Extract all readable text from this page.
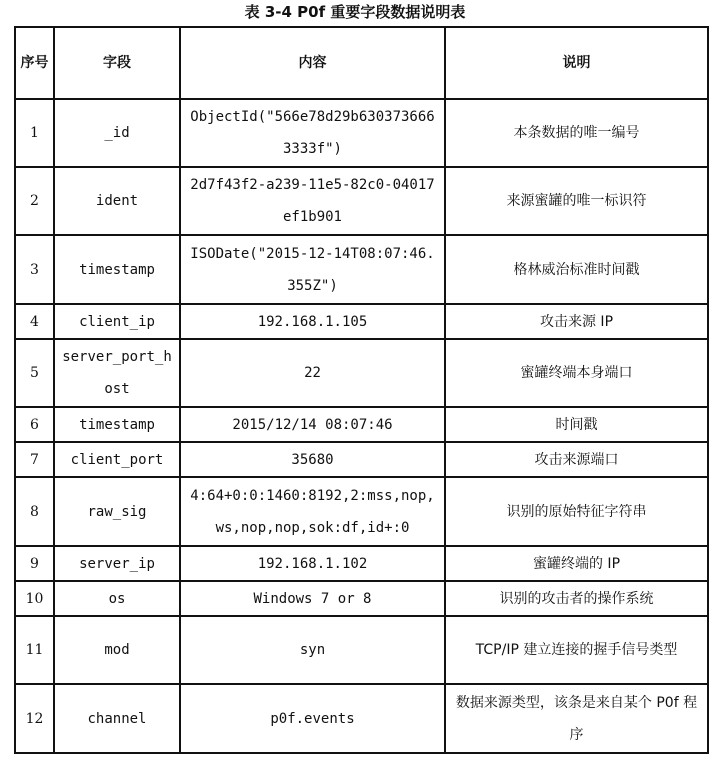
表 3-4 P0f 重要字段数据说明表
序号	字段	内容	说明
1	_id	ObjectId("566e78d29b6303736663333f")	本条数据的唯一编号
2	ident	2d7f43f2-a239-11e5-82c0-04017ef1b901	来源蜜罐的唯一标识符
3	timestamp	ISODate("2015-12-14T08:07:46.355Z")	格林威治标准时间戳
4	client_ip	192.168.1.105	攻击来源 IP
5	server_port_host	22	蜜罐终端本身端口
6	timestamp	2015/12/14 08:07:46	时间戳
7	client_port	35680	攻击来源端口
8	raw_sig	4:64+0:0:1460:8192,2:mss,nop,ws,nop,nop,sok:df,id+:0	识别的原始特征字符串
9	server_ip	192.168.1.102	蜜罐终端的 IP
10	os	Windows 7 or 8	识别的攻击者的操作系统
11	mod	syn	TCP/IP 建立连接的握手信号类型
12	channel	p0f.events	数据来源类型，该条是来自某个 P0f 程序
